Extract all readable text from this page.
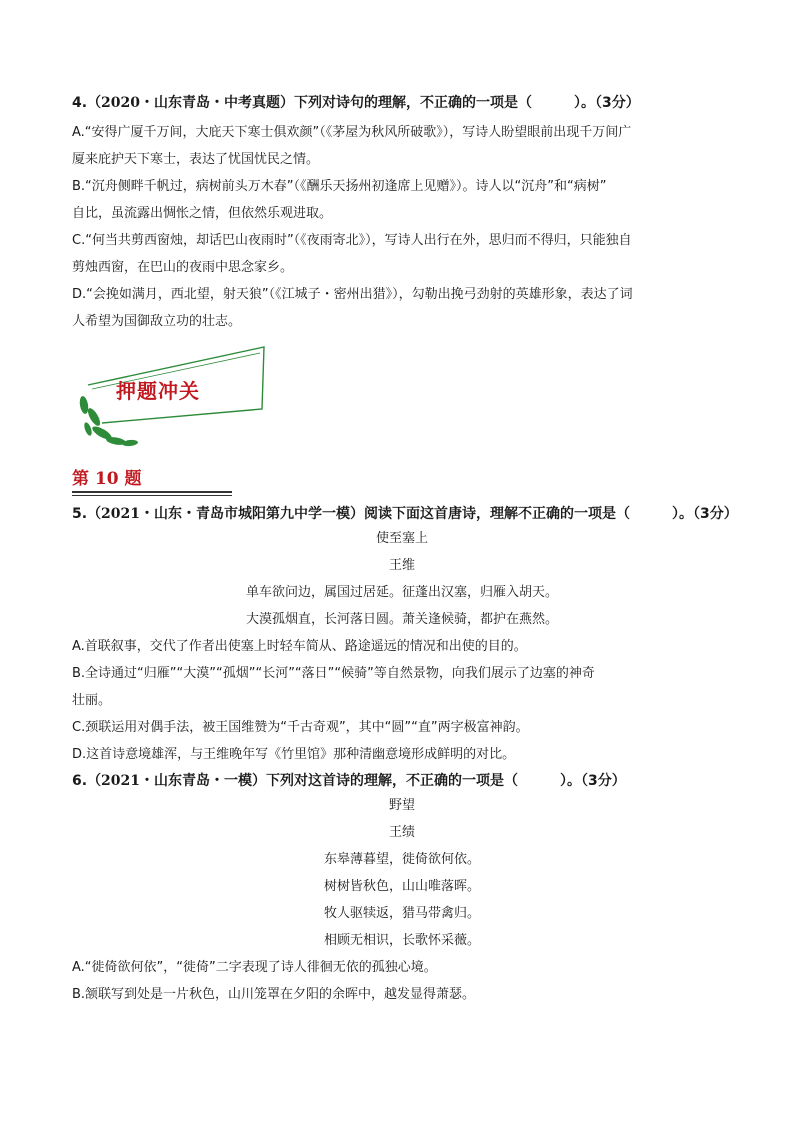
4.（2020・山东青岛・中考真题）下列对诗句的理解，不正确的一项是（　　　）。（3分）

A.“安得广厦千万间，大庇天下寒士俱欢颜”（《茅屋为秋风所破歌》），写诗人盼望眼前出现千万间广
厦来庇护天下寒士，表达了忧国忧民之情。

B.“沉舟侧畔千帆过，病树前头万木春”（《酬乐天扬州初逢席上见赠》）。诗人以“沉舟”和“病树”
自比，虽流露出惆怅之情，但依然乐观进取。

C.“何当共剪西窗烛，却话巴山夜雨时”（《夜雨寄北》），写诗人出行在外，思归而不得归，只能独自
剪烛西窗，在巴山的夜雨中思念家乡。

D.“会挽如满月，西北望，射天狼”（《江城子・密州出猎》），勾勒出挽弓劲射的英雄形象，表达了词
人希望为国御敌立功的壮志。

押题冲关
第 10 题

5.（2021・山东・青岛市城阳第九中学一模）阅读下面这首唐诗，理解不正确的一项是（　　　）。（3分）

使至塞上

王维

单车欲问边，属国过居延。征蓬出汉塞，归雁入胡天。

大漠孤烟直，长河落日圆。萧关逢候骑，都护在燕然。

A.首联叙事，交代了作者出使塞上时轻车简从、路途遥远的情况和出使的目的。

B.全诗通过“归雁”“大漠”“孤烟”“长河”“落日”“候骑”等自然景物，向我们展示了边塞的神奇
壮丽。

C.颈联运用对偶手法，被王国维赞为“千古奇观”，其中“圆”“直”两字极富神韵。

D.这首诗意境雄浑，与王维晚年写《竹里馆》那种清幽意境形成鲜明的对比。

6.（2021・山东青岛・一模）下列对这首诗的理解，不正确的一项是（　　　）。（3分）

野望

王绩

东皋薄暮望，徙倚欲何依。

树树皆秋色，山山唯落晖。

牧人驱犊返，猎马带禽归。

相顾无相识，长歌怀采薇。

A.“徙倚欲何依”，“徙倚”二字表现了诗人徘徊无依的孤独心境。

B.颔联写到处是一片秋色，山川笼罩在夕阳的余晖中，越发显得萧瑟。
